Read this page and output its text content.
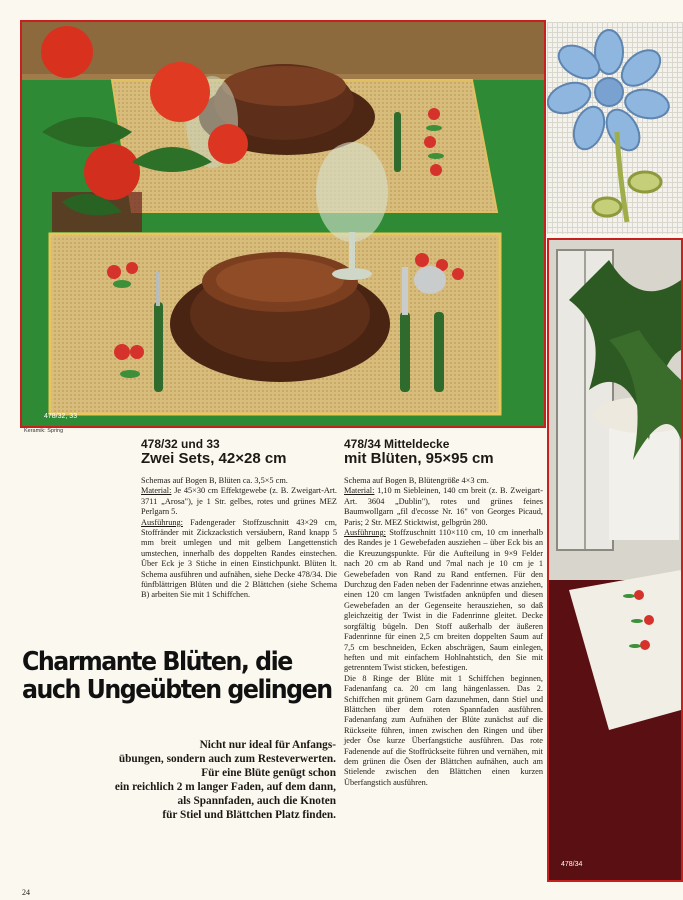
478/32, 33
Keramik: Spring
478/34
478/32 und 33
Zwei Sets, 42×28 cm

Schemas auf Bogen B, Blüten ca. 3,5×5 cm.

Material: Je 45×30 cm Effektgewebe (z. B. Zweigart-Art. 3711 „Arosa"), je 1 Str. gelbes, rotes und grünes MEZ Perlgarn 5.

Ausführung: Fadengerader Stoffzuschnitt 43×29 cm, Stoffränder mit Zickzackstich versäubern, Rand knapp 5 mm breit umlegen und mit gelbem Langettenstich umstechen, innerhalb des doppelten Randes einstechen. Über Eck je 3 Stiche in einen Einstichpunkt. Blüten lt. Schema ausführen und aufnähen, siehe Decke 478/34. Die fünfblättrigen Blüten und die 2 Blättchen (siehe Schema B) arbeiten Sie mit 1 Schiffchen.

478/34 Mitteldecke
mit Blüten, 95×95 cm

Schema auf Bogen B, Blütengröße 4×3 cm.

Material: 1,10 m Siebleinen, 140 cm breit (z. B. Zweigart-Art. 3604 „Dublin"), rotes und grünes feines Baumwollgarn „fil d'ecosse Nr. 16" von Georges Picaud, Paris; 2 Str. MEZ Sticktwist, gelbgrün 280.

Ausführung: Stoffzuschnitt 110×110 cm, 10 cm innerhalb des Randes je 1 Gewebefaden ausziehen – über Eck bis an die Kreuzungspunkte. Für die Aufteilung in 9×9 Felder nach 20 cm ab Rand und 7mal nach je 10 cm je 1 Gewebefaden von Rand zu Rand entfernen. Für den Durchzug den Faden neben der Fadenrinne etwas anziehen, einen 120 cm langen Twistfaden anknüpfen und diesen Gewebefaden an der Gegenseite herausziehen, so daß gleichzeitig der Twist in die Fadenrinne gleitet. Decke sorgfältig bügeln. Den Stoff außerhalb der äußeren Fadenrinne für einen 2,5 cm breiten doppelten Saum auf 7,5 cm beschneiden, Ecken abschrägen, Saum einlegen, heften und mit einfachem Hohlnahtstich, den Sie mit getrenntem Twist sticken, befestigen.

Die 8 Ringe der Blüte mit 1 Schiffchen beginnen, Fadenanfang ca. 20 cm lang hängenlassen. Das 2. Schiffchen mit grünem Garn dazunehmen, dann Stiel und Blättchen über dem roten Spannfaden ausführen. Fadenanfang zum Aufnähen der Blüte zunächst auf die Rückseite führen, innen zwischen den Ringen und über jeder Öse kurze Überfangstiche ausführen. Das rote Fadenende auf die Stoffrückseite führen und vernähen, mit dem grünen die Ösen der Blättchen aufnähen, auch am Stielende zwischen den Blättchen einen kurzen Überfangstich ausführen.

Charmante Blüten, die
auch Ungeübten gelingen
Nicht nur ideal für Anfangs-
übungen, sondern auch zum Resteverwerten.
Für eine Blüte genügt schon
ein reichlich 2 m langer Faden, auf dem dann,
als Spannfaden, auch die Knoten
für Stiel und Blättchen Platz finden.
24
